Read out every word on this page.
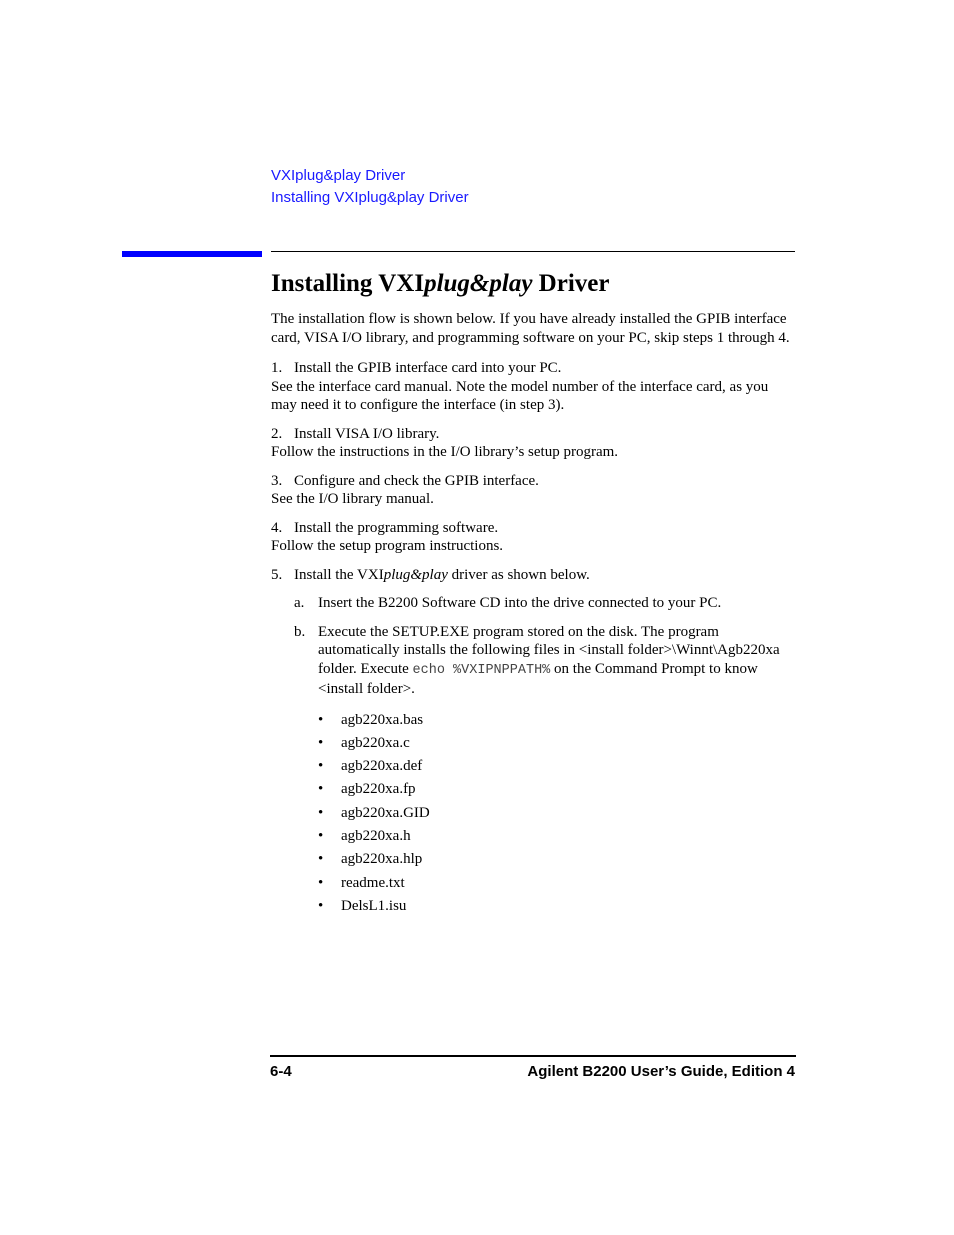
VXIplug&play Driver
Installing VXIplug&play Driver
Installing VXIplug&play Driver

The installation flow is shown below. If you have already installed the GPIB interface card, VISA I/O library, and programming software on your PC, skip steps 1 through 4.

1. Install the GPIB interface card into your PC.

See the interface card manual. Note the model number of the interface card, as you may need it to configure the interface (in step 3).

2. Install VISA I/O library.

Follow the instructions in the I/O library’s setup program.

3. Configure and check the GPIB interface.

See the I/O library manual.

4. Install the programming software.

Follow the setup program instructions.

5. Install the VXIplug&play driver as shown below.
a. Insert the B2200 Software CD into the drive connected to your PC.
b. Execute the SETUP.EXE program stored on the disk. The program automatically installs the following files in <install folder>\Winnt\Agb220xa folder. Execute echo %VXIPNPPATH% on the Command Prompt to know <install folder>.
•	agb220xa.bas
•	agb220xa.c
•	agb220xa.def
•	agb220xa.fp
•	agb220xa.GID
•	agb220xa.h
•	agb220xa.hlp
•	readme.txt
•	DelsL1.isu
6-4	Agilent B2200 User’s Guide, Edition 4
